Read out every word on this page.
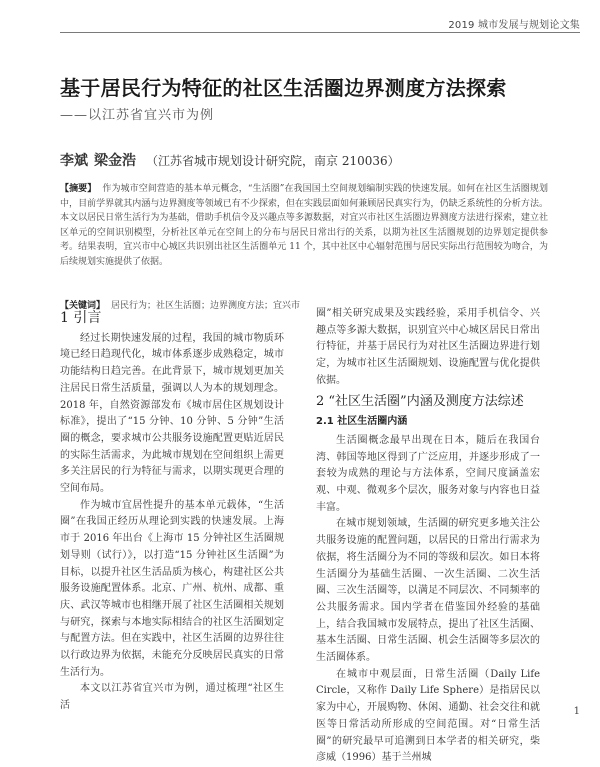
2019 城市发展与规划论文集
基于居民行为特征的社区生活圈边界测度方法探索
——以江苏省宜兴市为例
李斌 梁金浩 （江苏省城市规划设计研究院，南京 210036）
【摘要】 作为城市空间营造的基本单元概念，“生活圈”在我国国土空间规划编制实践的快速发展。如何在社区生活圈规划中，目前学界就其内涵与边界测度等领域已有不少探索，但在实践层面如何兼顾居民真实行为，仍缺乏系统性的分析方法。本文以居民日常生活行为为基础，借助手机信令及兴趣点等多源数据，对宜兴市社区生活圈边界测度方法进行探索，建立社区单元的空间识别模型，分析社区单元在空间上的分布与居民日常出行的关系，以期为社区生活圈规划的边界划定提供参考。结果表明，宜兴市中心城区共识别出社区生活圈单元 11 个，其中社区中心辐射范围与居民实际出行范围较为吻合，为后续规划实施提供了依据。
【关键词】 居民行为；社区生活圈；边界测度方法；宜兴市
1 引言

经过长期快速发展的过程，我国的城市物质环境已经日趋现代化，城市体系逐步成熟稳定，城市功能结构日趋完善。在此背景下，城市规划更加关注居民日常生活质量，强调以人为本的规划理念。2018 年，自然资源部发布《城市居住区规划设计标准》，提出了“15 分钟、10 分钟、5 分钟”生活圈的概念，要求城市公共服务设施配置更贴近居民的实际生活需求，为此城市规划在空间组织上需更多关注居民的行为特征与需求，以期实现更合理的空间布局。

作为城市宜居性提升的基本单元载体，“生活圈”在我国正经历从理论到实践的快速发展。上海市于 2016 年出台《上海市 15 分钟社区生活圈规划导则（试行）》，以打造“15 分钟社区生活圈”为目标，以提升社区生活品质为核心，构建社区公共服务设施配置体系。北京、广州、杭州、成都、重庆、武汉等城市也相继开展了社区生活圈相关规划与研究，探索与本地实际相结合的社区生活圈划定与配置方法。但在实践中，社区生活圈的边界往往以行政边界为依据，未能充分反映居民真实的日常生活行为。

本文以江苏省宜兴市为例，通过梳理“社区生活

圈”相关研究成果及实践经验，采用手机信令、兴趣点等多源大数据，识别宜兴中心城区居民日常出行特征，并基于居民行为对社区生活圈边界进行划定，为城市社区生活圈规划、设施配置与优化提供依据。

2 “社区生活圈”内涵及测度方法综述
2.1 社区生活圈内涵

生活圈概念最早出现在日本，随后在我国台湾、韩国等地区得到了广泛应用，并逐步形成了一套较为成熟的理论与方法体系，空间尺度涵盖宏观、中观、微观多个层次，服务对象与内容也日益丰富。

在城市规划领域，生活圈的研究更多地关注公共服务设施的配置问题，以居民的日常出行需求为依据，将生活圈分为不同的等级和层次。如日本将生活圈分为基础生活圈、一次生活圈、二次生活圈、三次生活圈等，以满足不同层次、不同频率的公共服务需求。国内学者在借鉴国外经验的基础上，结合我国城市发展特点，提出了社区生活圈、基本生活圈、日常生活圈、机会生活圈等多层次的生活圈体系。

在城市中观层面，日常生活圈（Daily Life Circle，又称作 Daily Life Sphere）是指居民以家为中心，开展购物、休闲、通勤、社会交往和就医等日常活动所形成的空间范围。对“日常生活圈”的研究最早可追溯到日本学者的相关研究，柴彦威（1996）基于兰州城

1
